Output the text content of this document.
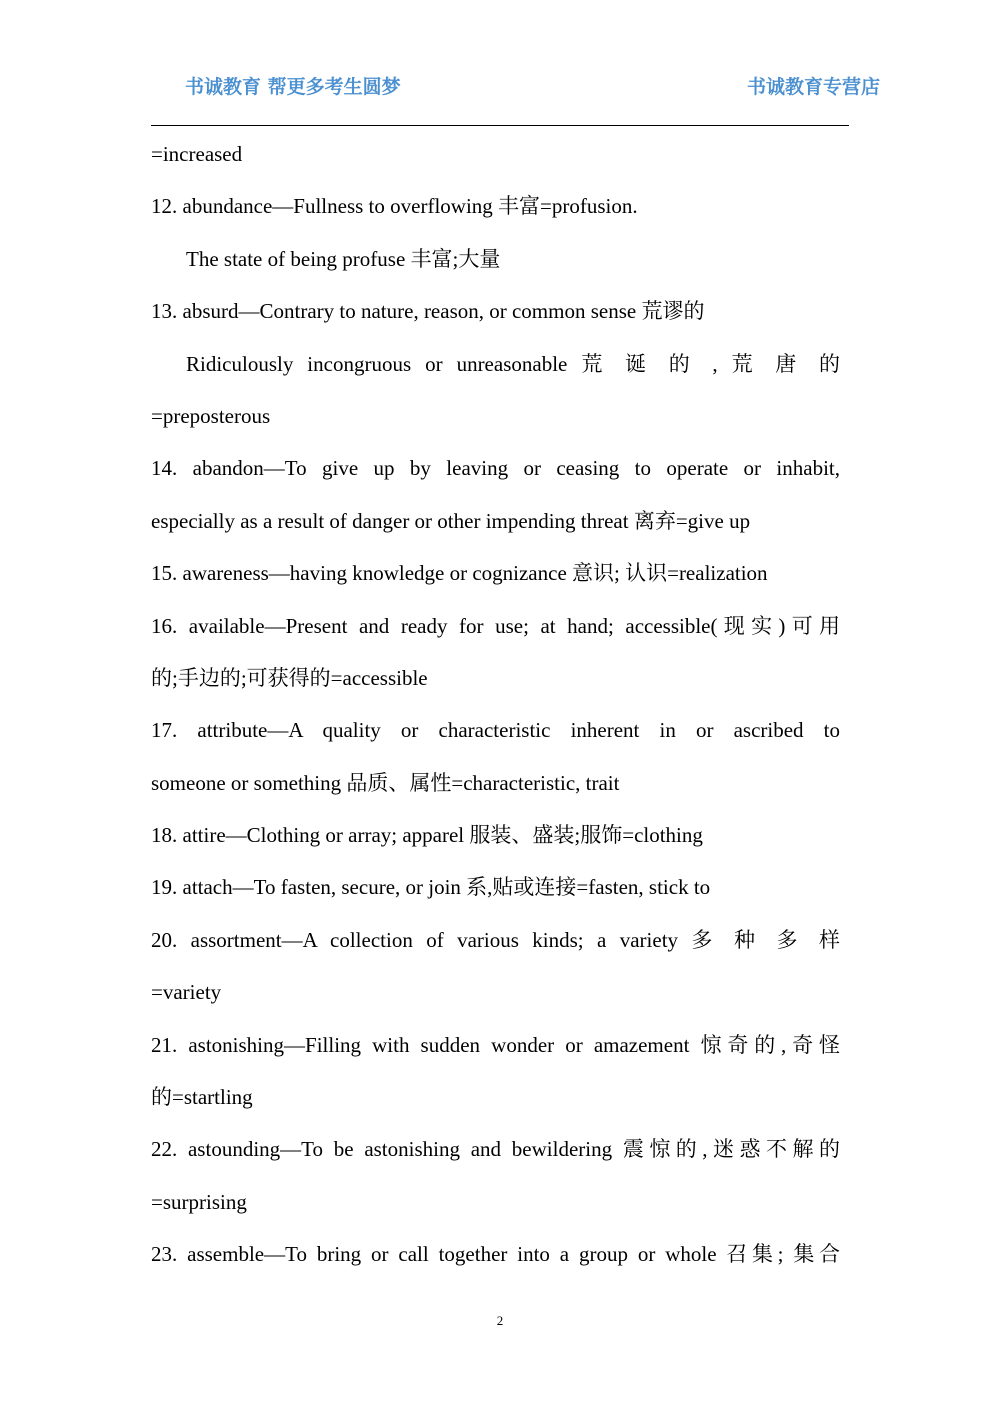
书诚教育 帮更多考生圆梦	书诚教育专营店
=increased
12. abundance—Fullness to overflowing 丰富=profusion.
The state of being profuse 丰富;大量
13. absurd—Contrary to nature, reason, or common sense 荒谬的
Ridiculously incongruous or unreasonable 荒 诞 的 , 荒 唐 的
=preposterous
14. abandon—To give up by leaving or ceasing to operate or inhabit,
especially as a result of danger or other impending threat 离弃=give up
15. awareness—having knowledge or cognizance 意识; 认识=realization
16. available—Present and ready for use; at hand; accessible(现实)可用
的;手边的;可获得的=accessible
17. attribute—A quality or characteristic inherent in or ascribed to
someone or something 品质、属性=characteristic, trait
18. attire—Clothing or array; apparel 服装、盛装;服饰=clothing
19. attach—To fasten, secure, or join 系,贴或连接=fasten, stick to
20. assortment—A collection of various kinds; a variety 多 种 多 样
=variety
21. astonishing—Filling with sudden wonder or amazement 惊奇的,奇怪
的=startling
22. astounding—To be astonishing and bewildering 震惊的,迷惑不解的
=surprising
23. assemble—To bring or call together into a group or whole 召集; 集合
2
